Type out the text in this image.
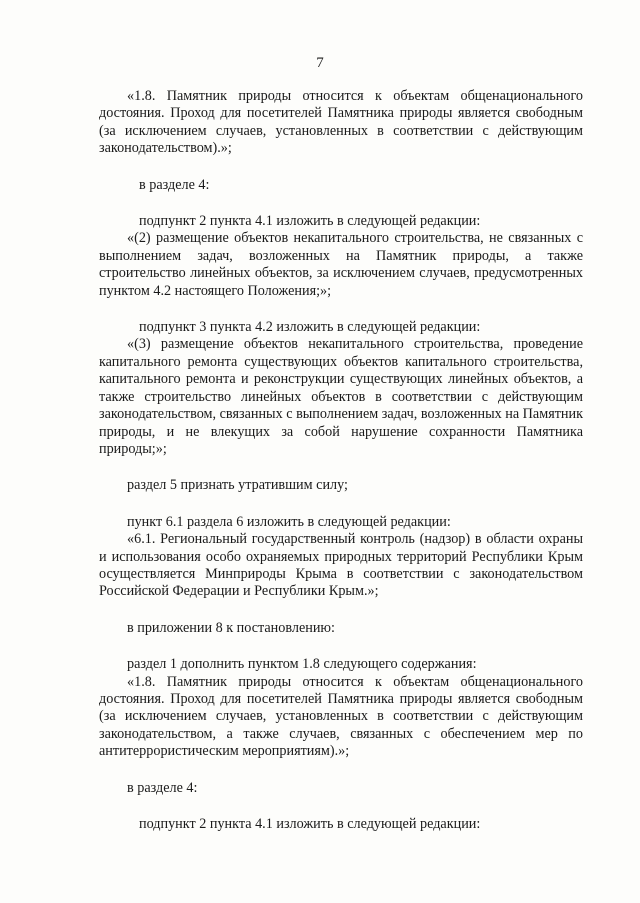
7

«1.8. Памятник природы относится к объектам общенационального достояния. Проход для посетителей Памятника природы является свободным (за исключением случаев, установленных в соответствии с действующим законодательством).»;

в разделе 4:

подпункт 2 пункта 4.1 изложить в следующей редакции:

«(2) размещение объектов некапитального строительства, не связанных с выполнением задач, возложенных на Памятник природы, а также строительство линейных объектов, за исключением случаев, предусмотренных пунктом 4.2 настоящего Положения;»;

подпункт 3 пункта 4.2 изложить в следующей редакции:

«(3) размещение объектов некапитального строительства, проведение капитального ремонта существующих объектов капитального строительства, капитального ремонта и реконструкции существующих линейных объектов, а также строительство линейных объектов в соответствии с действующим законодательством, связанных с выполнением задач, возложенных на Памятник природы, и не влекущих за собой нарушение сохранности Памятника природы;»;

раздел 5 признать утратившим силу;

пункт 6.1 раздела 6 изложить в следующей редакции:

«6.1. Региональный государственный контроль (надзор) в области охраны и использования особо охраняемых природных территорий Республики Крым осуществляется Минприроды Крыма в соответствии с законодательством Российской Федерации и Республики Крым.»;

в приложении 8 к постановлению:

раздел 1 дополнить пунктом 1.8 следующего содержания:

«1.8. Памятник природы относится к объектам общенационального достояния. Проход для посетителей Памятника природы является свободным (за исключением случаев, установленных в соответствии с действующим законодательством, а также случаев, связанных с обеспечением мер по антитеррористическим мероприятиям).»;

в разделе 4:

подпункт 2 пункта 4.1 изложить в следующей редакции:
